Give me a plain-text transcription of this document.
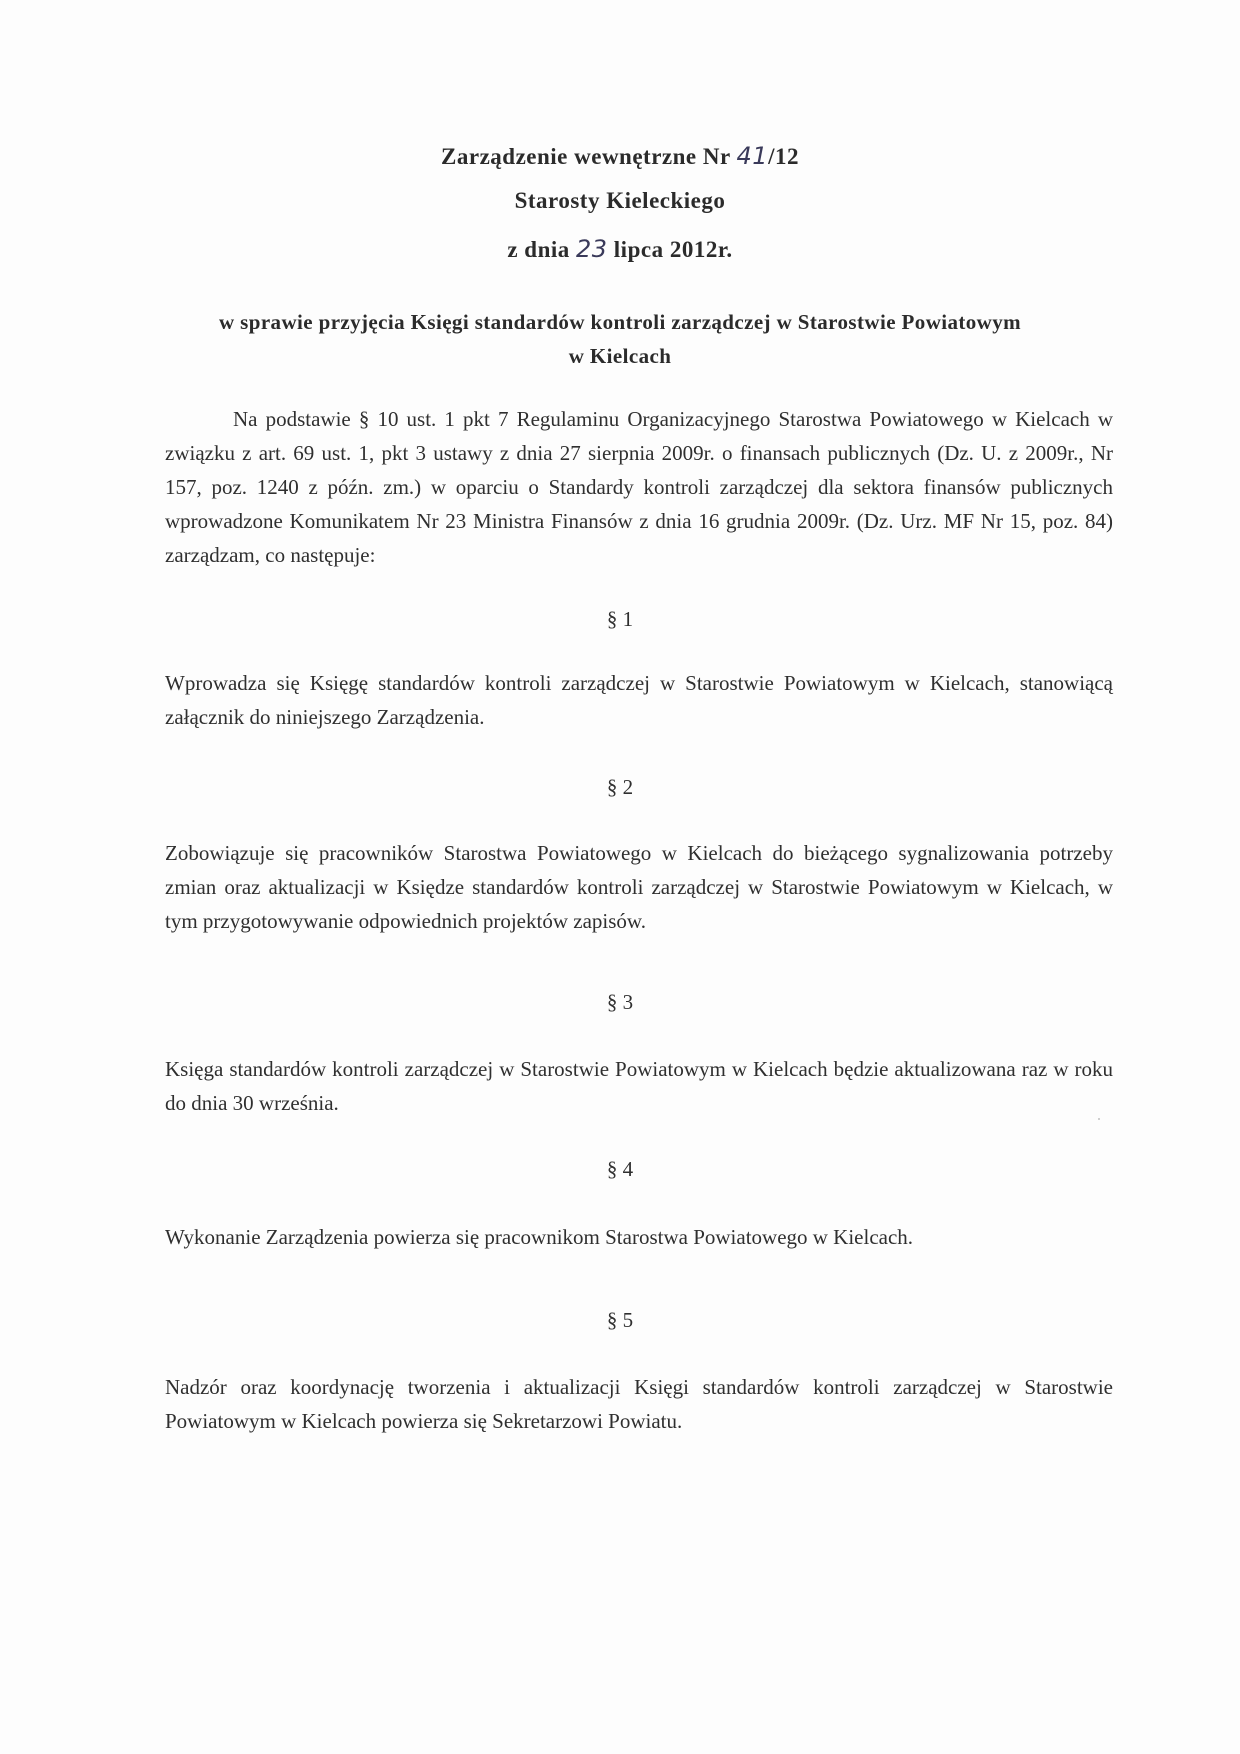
Zarządzenie wewnętrzne Nr 41/12
Starosty Kieleckiego
z dnia 23 lipca 2012r.
w sprawie przyjęcia Księgi standardów kontroli zarządczej w Starostwie Powiatowym
w Kielcach
Na podstawie § 10 ust. 1 pkt 7 Regulaminu Organizacyjnego Starostwa Powiatowego w Kielcach w związku z art. 69 ust. 1, pkt 3 ustawy z dnia 27 sierpnia 2009r. o finansach publicznych (Dz. U. z 2009r., Nr 157, poz. 1240 z późn. zm.) w oparciu o Standardy kontroli zarządczej dla sektora finansów publicznych wprowadzone Komunikatem Nr 23 Ministra Finansów z dnia 16 grudnia 2009r. (Dz. Urz. MF Nr 15, poz. 84) zarządzam, co następuje:
§ 1
Wprowadza się Księgę standardów kontroli zarządczej w Starostwie Powiatowym w Kielcach, stanowiącą załącznik do niniejszego Zarządzenia.
§ 2
Zobowiązuje się pracowników Starostwa Powiatowego w Kielcach do bieżącego sygnalizowania potrzeby zmian oraz aktualizacji w Księdze standardów kontroli zarządczej w Starostwie Powiatowym w Kielcach, w tym przygotowywanie odpowiednich projektów zapisów.
§ 3
Księga standardów kontroli zarządczej w Starostwie Powiatowym w Kielcach będzie aktualizowana raz w roku do dnia 30 września.
§ 4
Wykonanie Zarządzenia powierza się pracownikom Starostwa Powiatowego w Kielcach.
§ 5
Nadzór oraz koordynację tworzenia i aktualizacji Księgi standardów kontroli zarządczej w Starostwie Powiatowym w Kielcach powierza się Sekretarzowi Powiatu.
